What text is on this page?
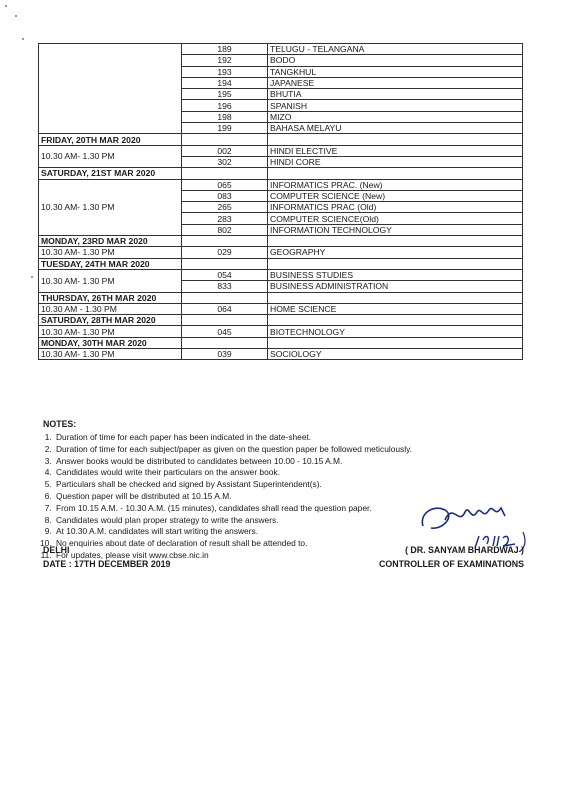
	189	TELUGU - TELANGANA
	192	BODO
	193	TANGKHUL
	194	JAPANESE
	195	BHUTIA
	196	SPANISH
	198	MIZO
	199	BAHASA MELAYU
FRIDAY, 20TH MAR 2020		
10.30 AM- 1.30 PM	002	HINDI ELECTIVE
	302	HINDI CORE
SATURDAY, 21ST MAR 2020		
10.30 AM- 1.30 PM	065	INFORMATICS PRAC. (New)
	083	COMPUTER SCIENCE (New)
	265	INFORMATICS PRAC (Old)
	283	COMPUTER SCIENCE(Old)
	802	INFORMATION TECHNOLOGY
MONDAY, 23RD MAR 2020		
10.30 AM- 1.30 PM	029	GEOGRAPHY
TUESDAY, 24TH MAR 2020		
10.30 AM- 1.30 PM	054	BUSINESS STUDIES
	833	BUSINESS ADMINISTRATION
THURSDAY, 26TH MAR 2020		
10.30 AM - 1.30 PM	064	HOME SCIENCE
SATURDAY, 28TH MAR 2020		
10.30 AM- 1.30 PM	045	BIOTECHNOLOGY
MONDAY, 30TH MAR 2020		
10.30 AM- 1.30 PM	039	SOCIOLOGY
NOTES:
1. Duration of time for each paper has been indicated in the date-sheet.
2. Duration of time for each subject/paper as given on the question paper be followed meticulously.
3. Answer books would be distributed to candidates between 10.00 - 10.15 A.M.
4. Candidates would write their particulars on the answer book.
5. Particulars shall be checked and signed by Assistant Superintendent(s).
6. Question paper will be distributed at 10.15 A.M.
7. From 10.15 A.M. - 10.30 A.M. (15 minutes), candidates shall read the question paper.
8. Candidates would plan proper strategy to write the answers.
9. At 10.30 A.M. candidates will start writing the answers.
10. No enquiries about date of declaration of result shall be attended to.
11. For updates, please visit www.cbse.nic.in
DELHI
DATE : 17TH DECEMBER 2019
( DR. SANYAM BHARDWAJ )
CONTROLLER OF EXAMINATIONS
